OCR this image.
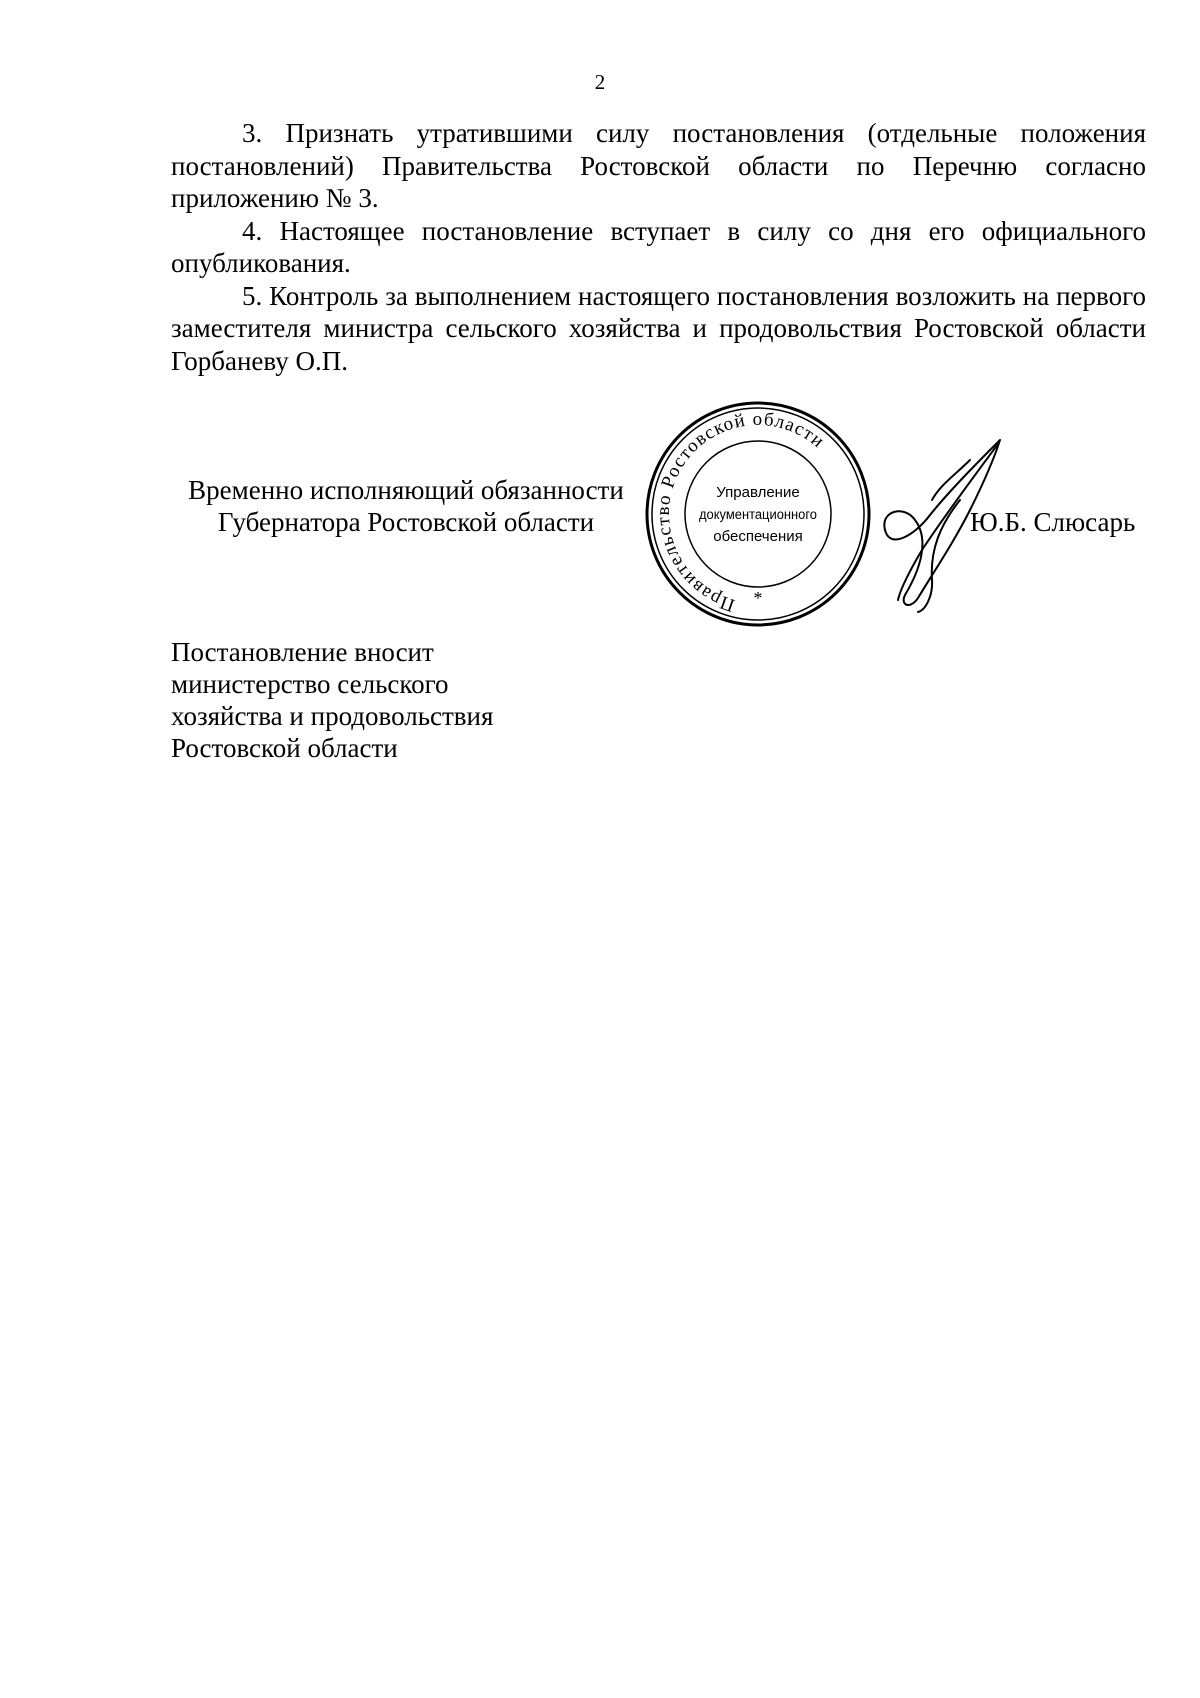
2

3. Признать утратившими силу постановления (отдельные положения постановлений) Правительства Ростовской области по Перечню согласно приложению № 3.

4. Настоящее постановление вступает в силу со дня его официального опубликования.

5. Контроль за выполнением настоящего постановления возложить на первого заместителя министра сельского хозяйства и продовольствия Ростовской области Горбаневу О.П.

Временно исполняющий обязанности
Губернатора Ростовской области
Правительство Ростовской области
Управление
документационного
обеспечения
*
Ю.Б. Слюсарь
Постановление вносит
министерство сельского
хозяйства и продовольствия
Ростовской области
